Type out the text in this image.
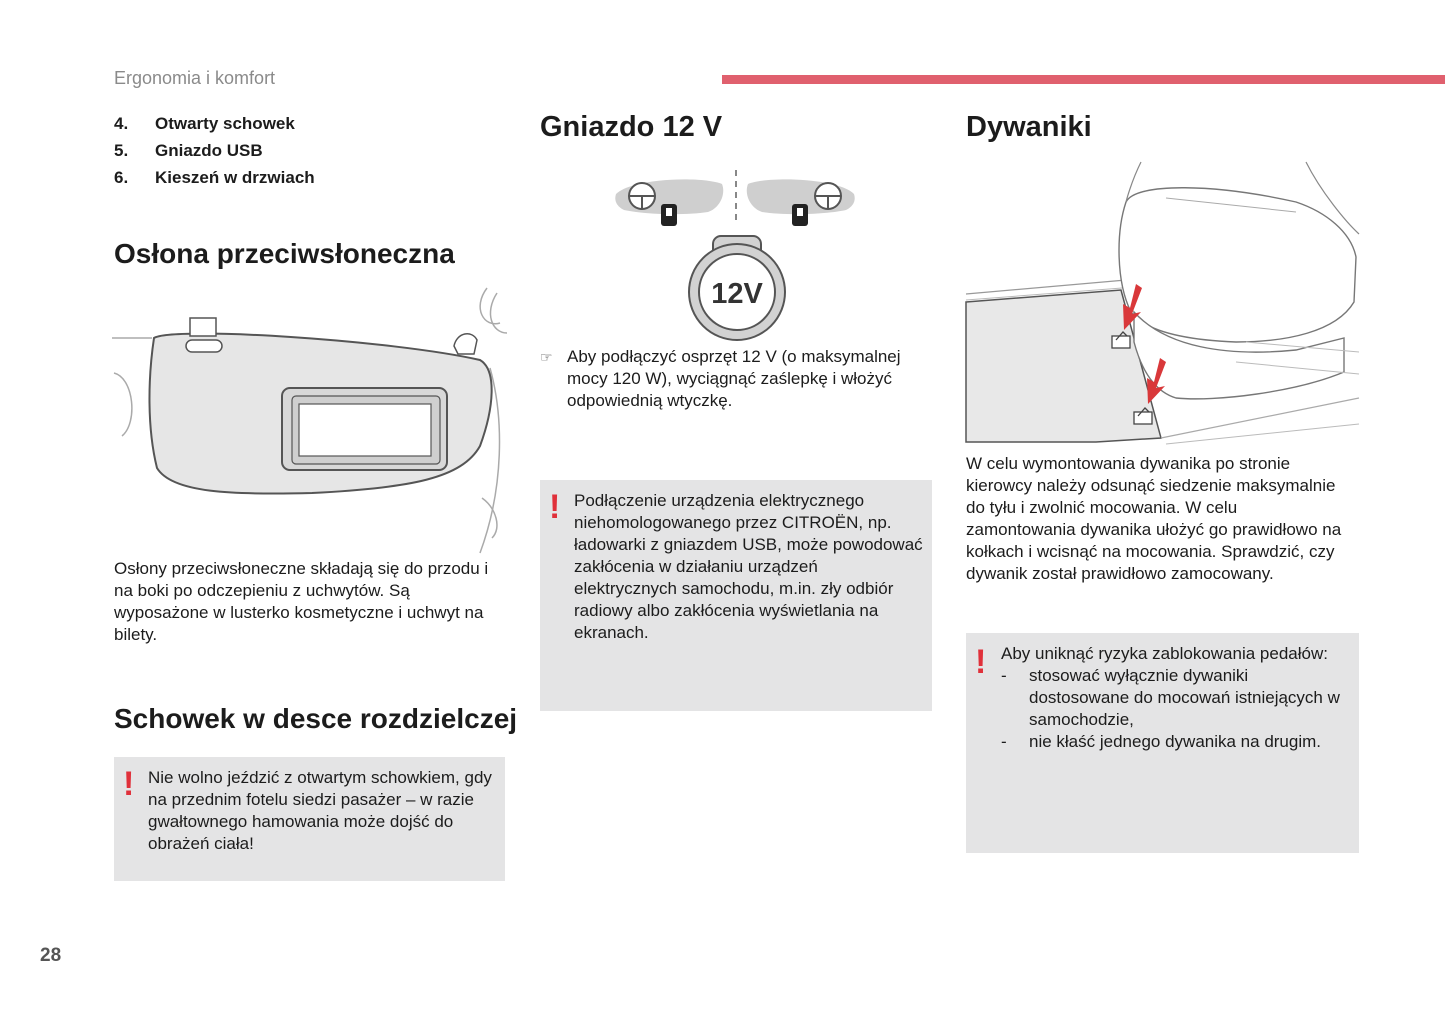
Ergonomia i komfort
4.	Otwarty schowek
5.	Gniazdo USB
6.	Kieszeń w drzwiach
Osłona przeciwsłoneczna
Osłony przeciwsłoneczne składają się do przodu i na boki po odczepieniu z uchwytów. Są wyposażone w lusterko kosmetyczne i uchwyt na bilety.
Schowek w desce rozdzielczej
! Nie wolno jeździć z otwartym schowkiem, gdy na przednim fotelu siedzi pasażer – w razie gwałtownego hamowania może dojść do obrażeń ciała!
Gniazdo 12 V
12V
☞ Aby podłączyć osprzęt 12 V (o maksymalnej mocy 120 W), wyciągnąć zaślepkę i włożyć odpowiednią wtyczkę.
! Podłączenie urządzenia elektrycznego niehomologowanego przez CITROËN, np. ładowarki z gniazdem USB, może powodować zakłócenia w działaniu urządzeń elektrycznych samochodu, m.in. zły odbiór radiowy albo zakłócenia wyświetlania na ekranach.
Dywaniki
W celu wymontowania dywanika po stronie kierowcy należy odsunąć siedzenie maksymalnie do tyłu i zwolnić mocowania. W celu zamontowania dywanika ułożyć go prawidłowo na kołkach i wcisnąć na mocowania. Sprawdzić, czy dywanik został prawidłowo zamocowany.
! Aby uniknąć ryzyka zablokowania pedałów:
-	stosować wyłącznie dywaniki dostosowane do mocowań istniejących w samochodzie,
-	nie kłaść jednego dywanika na drugim.
28
